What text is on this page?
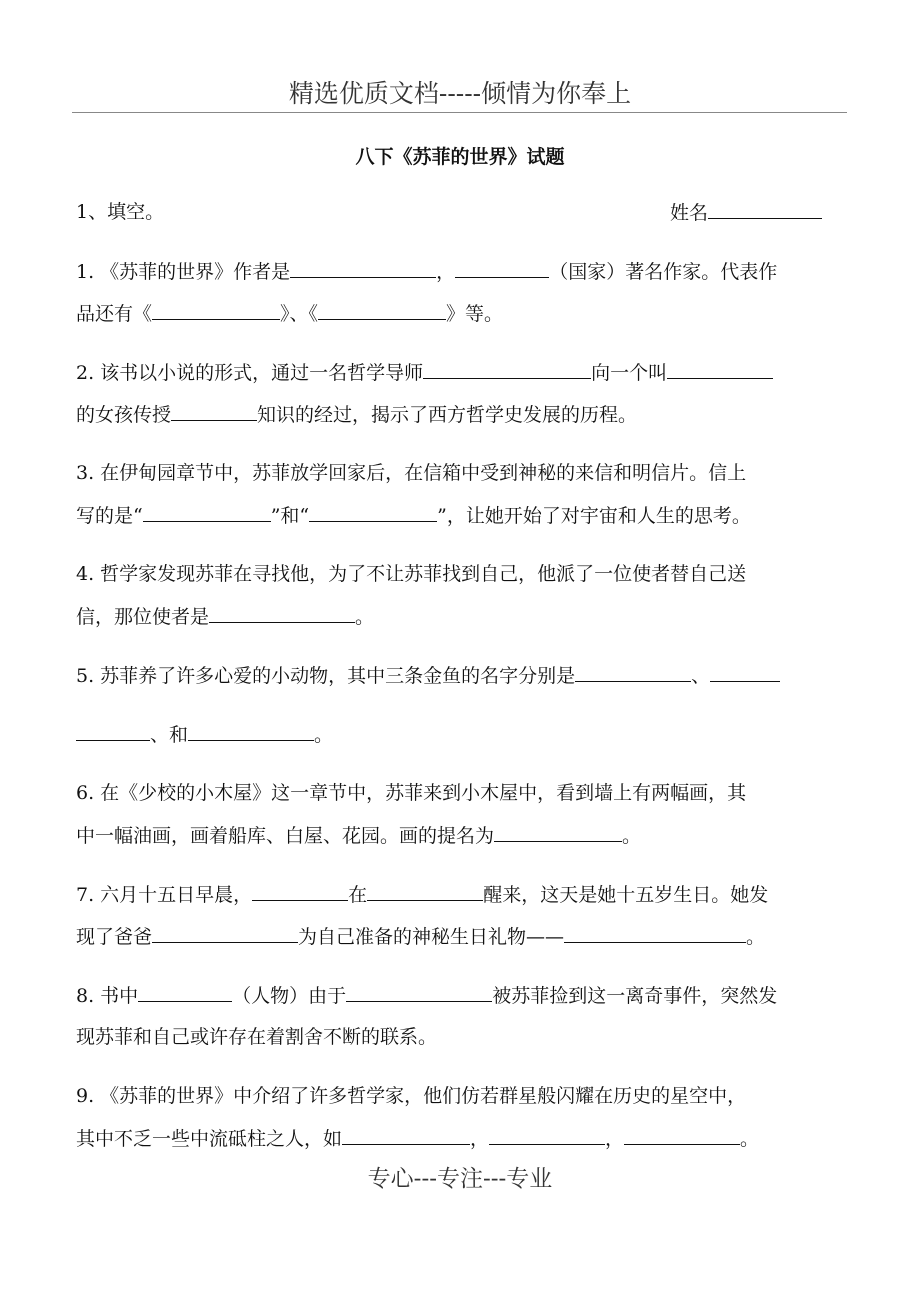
精选优质文档-----倾情为你奉上
八下《苏菲的世界》试题
1、填空。	姓名
1. 《苏菲的世界》作者是	，	（国家）著名作家。代表作
品还有《	》、《	》等。
2. 该书以小说的形式，通过一名哲学导师	向一个叫
的女孩传授	知识的经过，揭示了西方哲学史发展的历程。
3. 在伊甸园章节中，苏菲放学回家后，在信箱中受到神秘的来信和明信片。信上
写的是“	”和“	”，让她开始了对宇宙和人生的思考。
4. 哲学家发现苏菲在寻找他，为了不让苏菲找到自己，他派了一位使者替自己送
信，那位使者是	。
5. 苏菲养了许多心爱的小动物，其中三条金鱼的名字分别是	、
、和	。
6. 在《少校的小木屋》这一章节中，苏菲来到小木屋中，看到墙上有两幅画，其
中一幅油画，画着船库、白屋、花园。画的提名为	。
7. 六月十五日早晨，	在	醒来，这天是她十五岁生日。她发
现了爸爸	为自己准备的神秘生日礼物——	。
8. 书中	（人物）由于	被苏菲捡到这一离奇事件，突然发
现苏菲和自己或许存在着割舍不断的联系。
9. 《苏菲的世界》中介绍了许多哲学家，他们仿若群星般闪耀在历史的星空中，
其中不乏一些中流砥柱之人，如	，	，	。
专心---专注---专业
